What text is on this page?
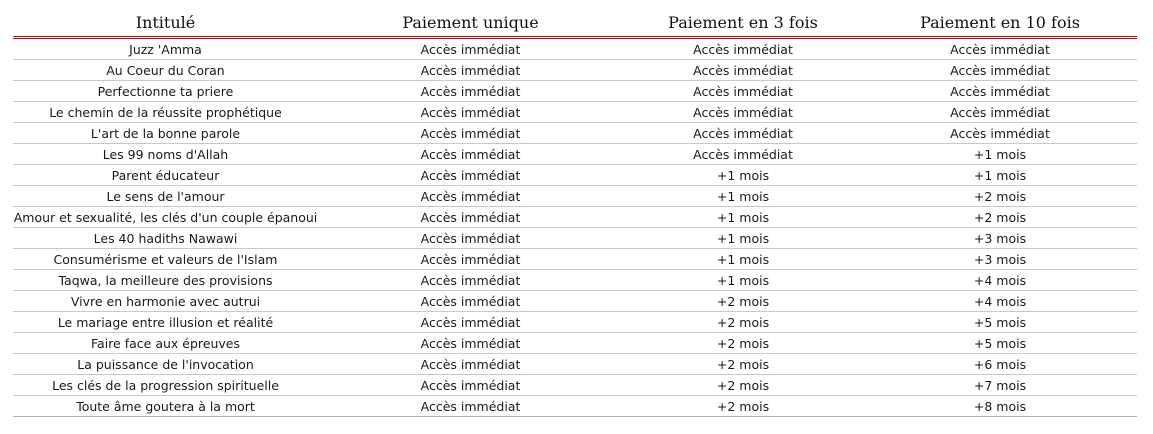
Intitulé	Paiement unique	Paiement en 3 fois	Paiement en 10 fois
Juzz 'Amma	Accès immédiat	Accès immédiat	Accès immédiat
Au Coeur du Coran	Accès immédiat	Accès immédiat	Accès immédiat
Perfectionne ta priere	Accès immédiat	Accès immédiat	Accès immédiat
Le chemin de la réussite prophétique	Accès immédiat	Accès immédiat	Accès immédiat
L'art de la bonne parole	Accès immédiat	Accès immédiat	Accès immédiat
Les 99 noms d'Allah	Accès immédiat	Accès immédiat	+1 mois
Parent éducateur	Accès immédiat	+1 mois	+1 mois
Le sens de l'amour	Accès immédiat	+1 mois	+2 mois
Amour et sexualité, les clés d'un couple épanoui	Accès immédiat	+1 mois	+2 mois
Les 40 hadiths Nawawi	Accès immédiat	+1 mois	+3 mois
Consumérisme et valeurs de l'Islam	Accès immédiat	+1 mois	+3 mois
Taqwa, la meilleure des provisions	Accès immédiat	+1 mois	+4 mois
Vivre en harmonie avec autrui	Accès immédiat	+2 mois	+4 mois
Le mariage entre illusion et réalité	Accès immédiat	+2 mois	+5 mois
Faire face aux épreuves	Accès immédiat	+2 mois	+5 mois
La puissance de l'invocation	Accès immédiat	+2 mois	+6 mois
Les clés de la progression spirituelle	Accès immédiat	+2 mois	+7 mois
Toute âme goutera à la mort	Accès immédiat	+2 mois	+8 mois
